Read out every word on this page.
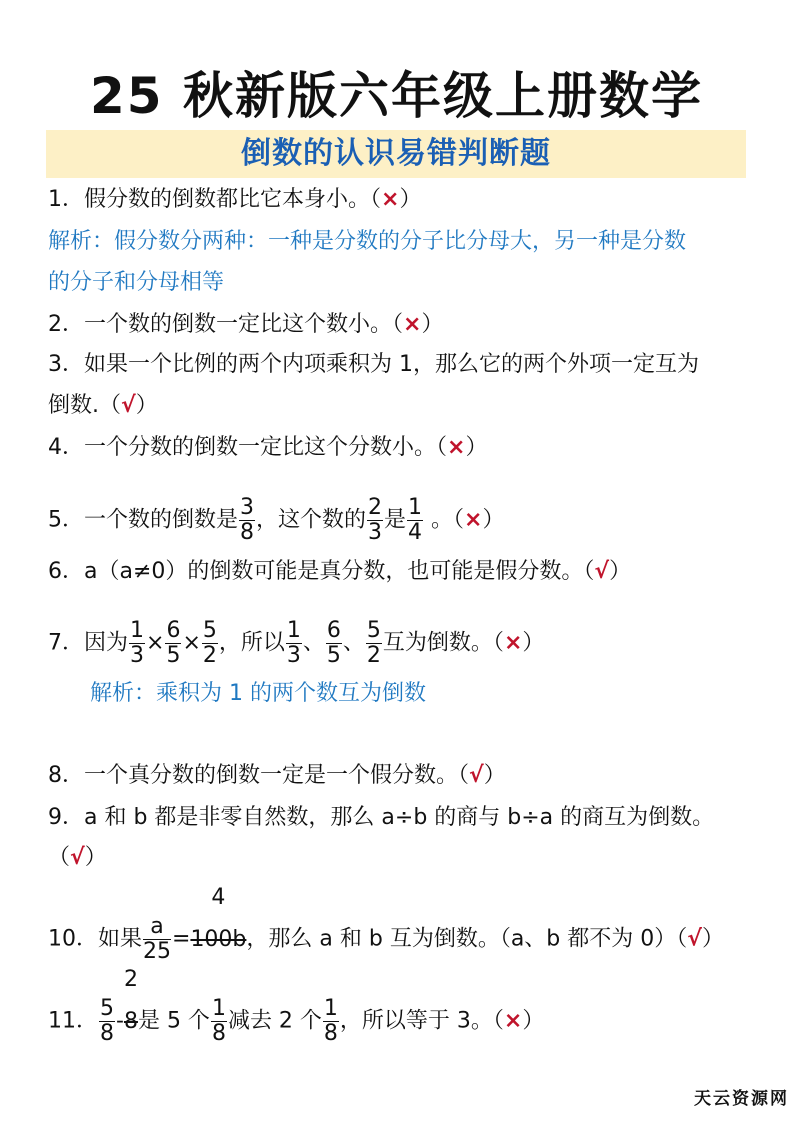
25 秋新版六年级上册数学
倒数的认识易错判断题
1．假分数的倒数都比它本身小。（×）
解析：假分数分两种：一种是分数的分子比分母大，另一种是分数
的分子和分母相等
2．一个数的倒数一定比这个数小。（×）
3．如果一个比例的两个内项乘积为 1，那么它的两个外项一定互为
倒数.（√）
4．一个分数的倒数一定比这个分数小。（×）
5．一个数的倒数是 $\frac{3}{8}$ ，这个数的 $\frac{2}{3}$ 是 $\frac{1}{4}$ 。（×）
6．a（a≠0）的倒数可能是真分数，也可能是假分数。（√）
7．因为 $\frac{1}{3} \times \frac{6}{5} \times \frac{5}{2}$ ，所以 $\frac{1}{3}$ 、 $\frac{6}{5}$ 、 $\frac{5}{2}$ 互为倒数。（×）
解析：乘积为 1 的两个数互为倒数
8．一个真分数的倒数一定是一个假分数。（√）
9．a 和 b 都是非零自然数，那么 a÷b 的商与 b÷a 的商互为倒数。
（√）
10．如果 $\frac{a}{25} =100b$
4
，那么 a 和 b 互为倒数。（a、b 都不为 0）（√）
11． $\frac{5}{8} -8$
2
是 5 个 $\frac{1}{8}$ 减去 2 个 $\frac{1}{8}$ ，所以等于 3。（×）
天云资源网
